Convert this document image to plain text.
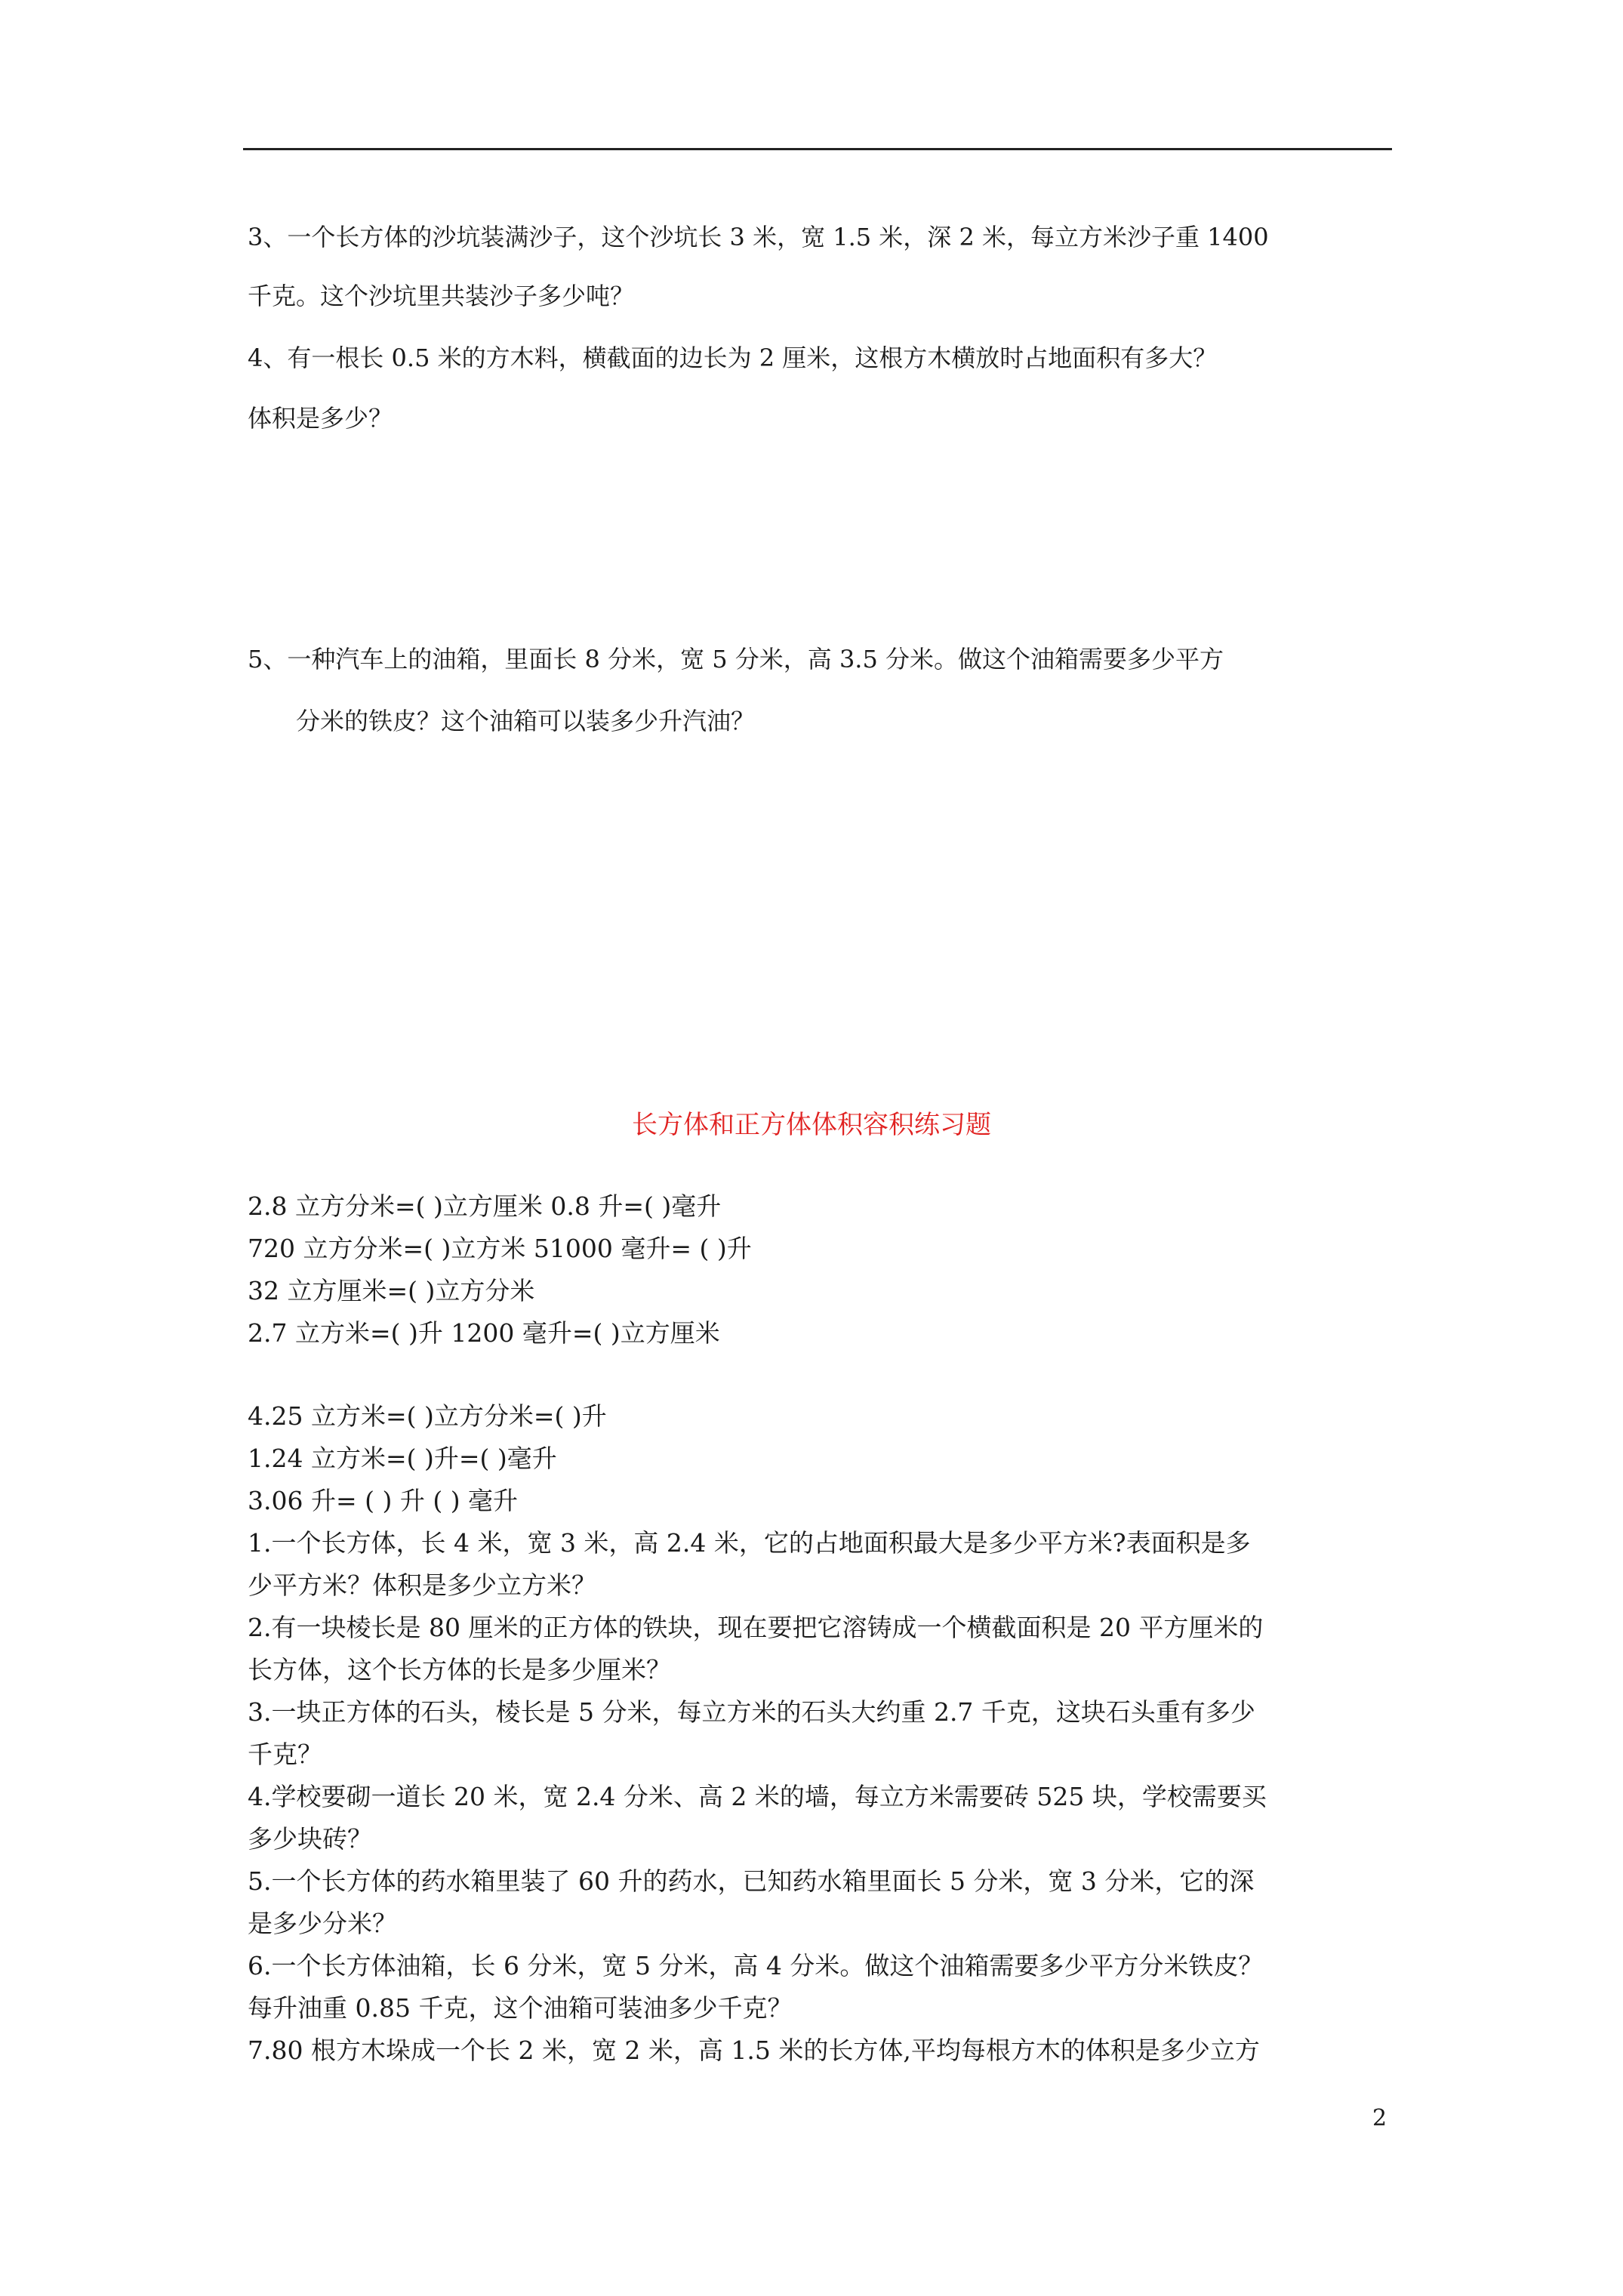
3、一个长方体的沙坑装满沙子，这个沙坑长 3 米，宽 1.5 米，深 2 米，每立方米沙子重 1400
千克。这个沙坑里共装沙子多少吨？
4、有一根长 0.5 米的方木料，横截面的边长为 2 厘米，这根方木横放时占地面积有多大？
体积是多少？
5、一种汽车上的油箱，里面长 8 分米，宽 5 分米，高 3.5 分米。做这个油箱需要多少平方
分米的铁皮？这个油箱可以装多少升汽油？
长方体和正方体体积容积练习题
2.8 立方分米=( )立方厘米 0.8 升=( )毫升
720 立方分米=( )立方米 51000 毫升= ( )升
32 立方厘米=( )立方分米
2.7 立方米=( )升 1200 毫升=( )立方厘米
4.25 立方米=( )立方分米=( )升
1.24 立方米=( )升=( )毫升
3.06 升= ( ) 升 ( ) 毫升
1.一个长方体，长 4 米，宽 3 米，高 2.4 米，它的占地面积最大是多少平方米?表面积是多
少平方米？体积是多少立方米？
2.有一块棱长是 80 厘米的正方体的铁块，现在要把它溶铸成一个横截面积是 20 平方厘米的
长方体，这个长方体的长是多少厘米？
3.一块正方体的石头，棱长是 5 分米，每立方米的石头大约重 2.7 千克，这块石头重有多少
千克？
4.学校要砌一道长 20 米，宽 2.4 分米、高 2 米的墙，每立方米需要砖 525 块，学校需要买
多少块砖？
5.一个长方体的药水箱里装了 60 升的药水，已知药水箱里面长 5 分米，宽 3 分米，它的深
是多少分米？
6.一个长方体油箱，长 6 分米，宽 5 分米，高 4 分米。做这个油箱需要多少平方分米铁皮？
每升油重 0.85 千克，这个油箱可装油多少千克？
7.80 根方木垛成一个长 2 米，宽 2 米，高 1.5 米的长方体,平均每根方木的体积是多少立方
2
